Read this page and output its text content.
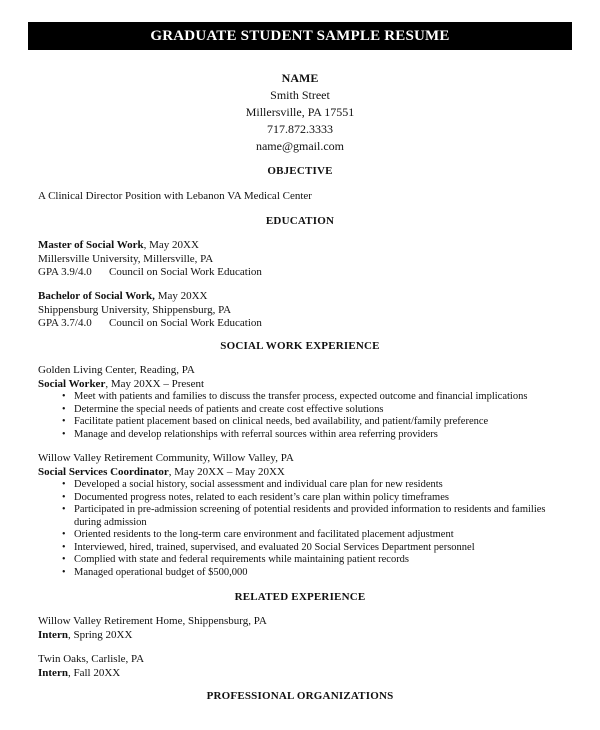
GRADUATE STUDENT SAMPLE RESUME
NAME
Smith Street
Millersville, PA 17551
717.872.3333
name@gmail.com
OBJECTIVE
A Clinical Director Position with Lebanon VA Medical Center
EDUCATION
Master of Social Work, May 20XX
Millersville University, Millersville, PA
GPA 3.9/4.0 Council on Social Work Education
Bachelor of Social Work, May 20XX
Shippensburg University, Shippensburg, PA
GPA 3.7/4.0 Council on Social Work Education
SOCIAL WORK EXPERIENCE
Golden Living Center, Reading, PA
Social Worker, May 20XX – Present
• Meet with patients and families to discuss the transfer process, expected outcome and financial implications
• Determine the special needs of patients and create cost effective solutions
• Facilitate patient placement based on clinical needs, bed availability, and patient/family preference
• Manage and develop relationships with referral sources within area referring providers
Willow Valley Retirement Community, Willow Valley, PA
Social Services Coordinator, May 20XX – May 20XX
• Developed a social history, social assessment and individual care plan for new residents
• Documented progress notes, related to each resident’s care plan within policy timeframes
• Participated in pre-admission screening of potential residents and provided information to residents and families
during admission
• Oriented residents to the long-term care environment and facilitated placement adjustment
• Interviewed, hired, trained, supervised, and evaluated 20 Social Services Department personnel
• Complied with state and federal requirements while maintaining patient records
• Managed operational budget of $500,000
RELATED EXPERIENCE
Willow Valley Retirement Home, Shippensburg, PA
Intern, Spring 20XX
Twin Oaks, Carlisle, PA
Intern, Fall 20XX
PROFESSIONAL ORGANIZATIONS
